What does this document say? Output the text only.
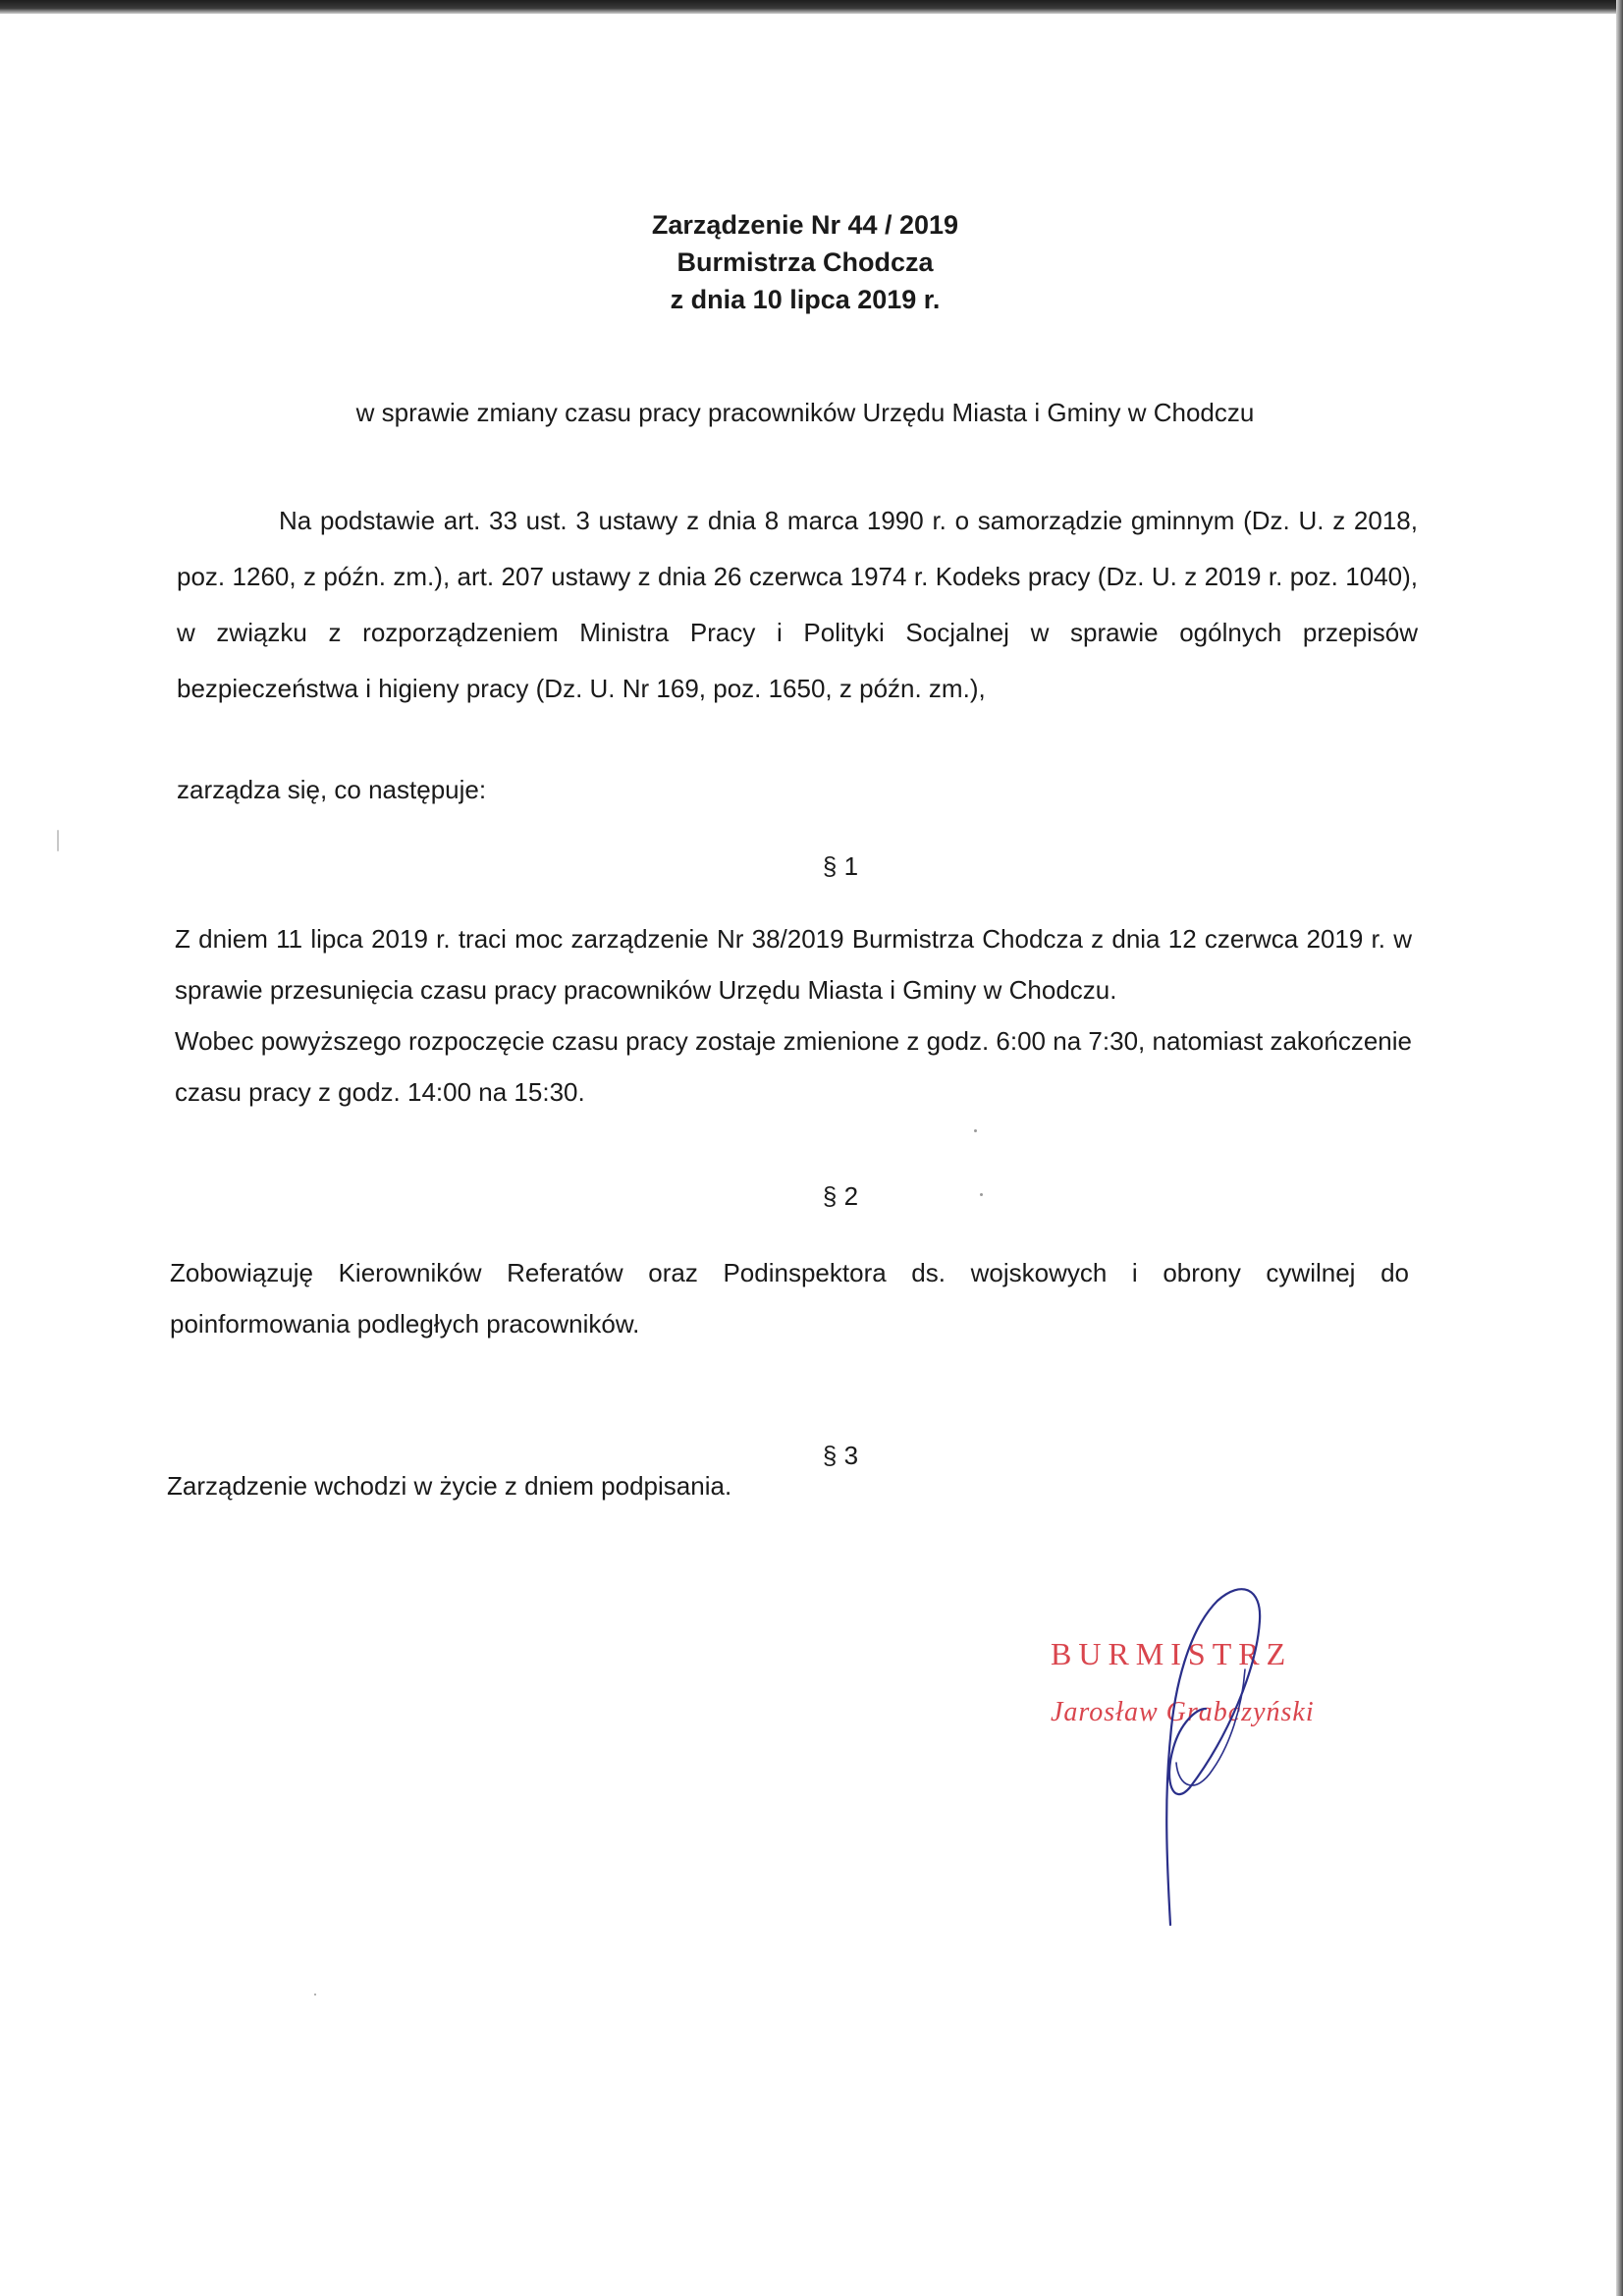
Zarządzenie Nr 44 / 2019
Burmistrza Chodcza
z dnia 10 lipca 2019 r.
w sprawie zmiany czasu pracy pracowników Urzędu Miasta i Gminy w Chodczu
Na podstawie art. 33 ust. 3 ustawy z dnia 8 marca 1990 r. o samorządzie gminnym (Dz. U. z 2018, poz. 1260, z późn. zm.), art. 207 ustawy z dnia 26 czerwca 1974 r. Kodeks pracy (Dz. U. z 2019 r. poz. 1040), w związku z rozporządzeniem Ministra Pracy i Polityki Socjalnej w sprawie ogólnych przepisów bezpieczeństwa i higieny pracy (Dz. U. Nr 169, poz. 1650, z późn. zm.),
zarządza się, co następuje:
§ 1
Z dniem 11 lipca 2019 r. traci moc zarządzenie Nr 38/2019 Burmistrza Chodcza z dnia 12 czerwca 2019 r. w sprawie przesunięcia czasu pracy pracowników Urzędu Miasta i Gminy w Chodczu.
Wobec powyższego rozpoczęcie czasu pracy zostaje zmienione z godz. 6:00 na 7:30, natomiast zakończenie czasu pracy z godz. 14:00 na 15:30.
§ 2
Zobowiązuję Kierowników Referatów oraz Podinspektora ds. wojskowych i obrony cywilnej do poinformowania podległych pracowników.
§ 3
Zarządzenie wchodzi w życie z dniem podpisania.
BURMISTRZ
Jarosław Grabczyński
